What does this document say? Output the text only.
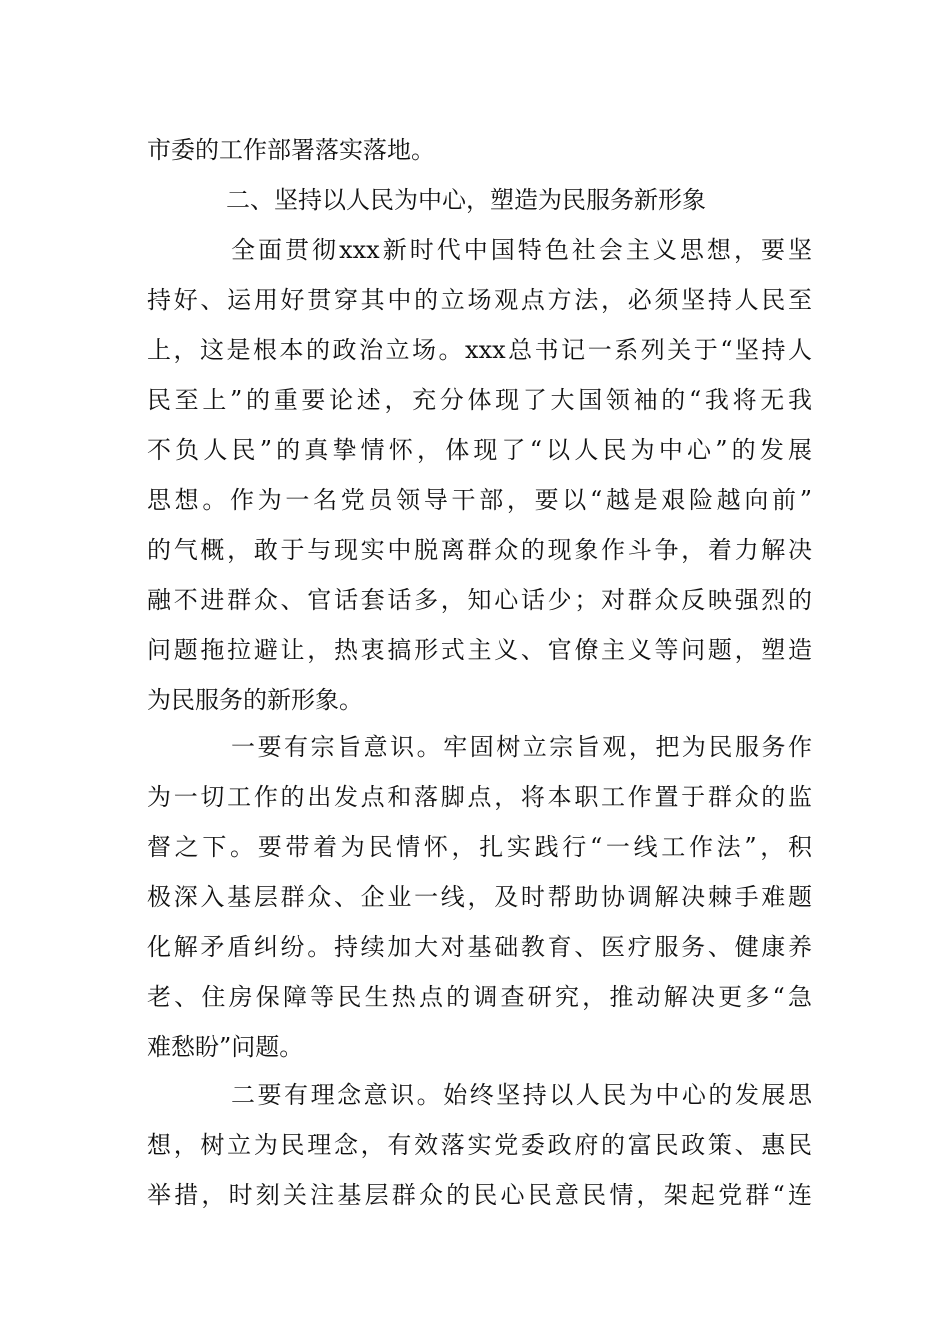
市委的工作部署落实落地。
二、坚持以人民为中心，塑造为民服务新形象
全面贯彻xxx新时代中国特色社会主义思想，要坚
持好、运用好贯穿其中的立场观点方法，必须坚持人民至
上，这是根本的政治立场。xxx总书记一系列关于“坚持人
民至上”的重要论述，充分体现了大国领袖的“我将无我
不负人民”的真挚情怀，体现了“以人民为中心”的发展
思想。作为一名党员领导干部，要以“越是艰险越向前”
的气概，敢于与现实中脱离群众的现象作斗争，着力解决
融不进群众、官话套话多，知心话少；对群众反映强烈的
问题拖拉避让，热衷搞形式主义、官僚主义等问题，塑造
为民服务的新形象。
一要有宗旨意识。牢固树立宗旨观，把为民服务作
为一切工作的出发点和落脚点，将本职工作置于群众的监
督之下。要带着为民情怀，扎实践行“一线工作法”，积
极深入基层群众、企业一线，及时帮助协调解决棘手难题
化解矛盾纠纷。持续加大对基础教育、医疗服务、健康养
老、住房保障等民生热点的调查研究，推动解决更多“急
难愁盼”问题。
二要有理念意识。始终坚持以人民为中心的发展思
想，树立为民理念，有效落实党委政府的富民政策、惠民
举措，时刻关注基层群众的民心民意民情，架起党群“连
